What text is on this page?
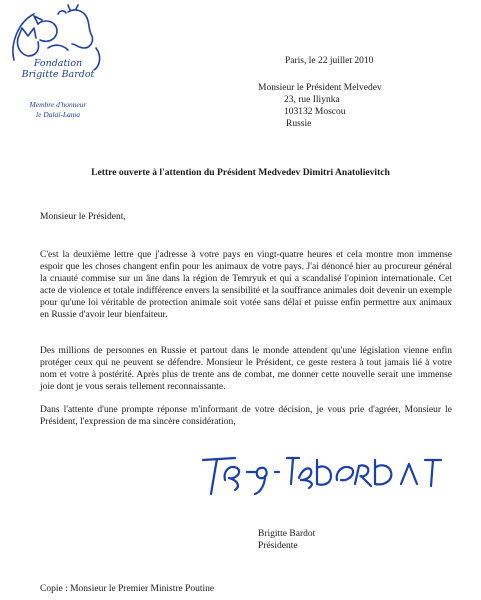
Fondation
Brigitte Bardot
Membre d'honneur
le Dalaï-Lama
Paris, le 22 juillet 2010
Monsieur le Président Melvedev
23, rue Iliynka
103132 Moscou
Russie
Lettre ouverte à l'attention du Président Medvedev Dimitri Anatolievitch
Monsieur le Président,
C'est la deuxième lettre que j'adresse à votre pays en vingt-quatre heures et cela montre mon immense espoir que les choses changent enfin pour les animaux de votre pays. J'ai dénoncé hier au procureur général la cruauté commise sur un âne dans la région de Temryuk et qui a scandalisé l'opinion internationale. Cet acte de violence et totale indifférence envers la sensibilité et la souffrance animales doit devenir un exemple pour qu'une loi véritable de protection animale soit votée sans délai et puisse enfin permettre aux animaux en Russie d'avoir leur bienfaiteur.
Des millions de personnes en Russie et partout dans le monde attendent qu'une législation vienne enfin protéger ceux qui ne peuvent se défendre. Monsieur le Président, ce geste restera à tout jamais lié à votre nom et votre à postérité. Après plus de trente ans de combat, me donner cette nouvelle serait une immense joie dont je vous serais tellement reconnaissante.
Dans l'attente d'une prompte réponse m'informant de votre décision, je vous prie d'agréer, Monsieur le Président, l'expression de ma sincère considération,
Brigitte Bardot
Présidente
Copie : Monsieur le Premier Ministre Poutine
